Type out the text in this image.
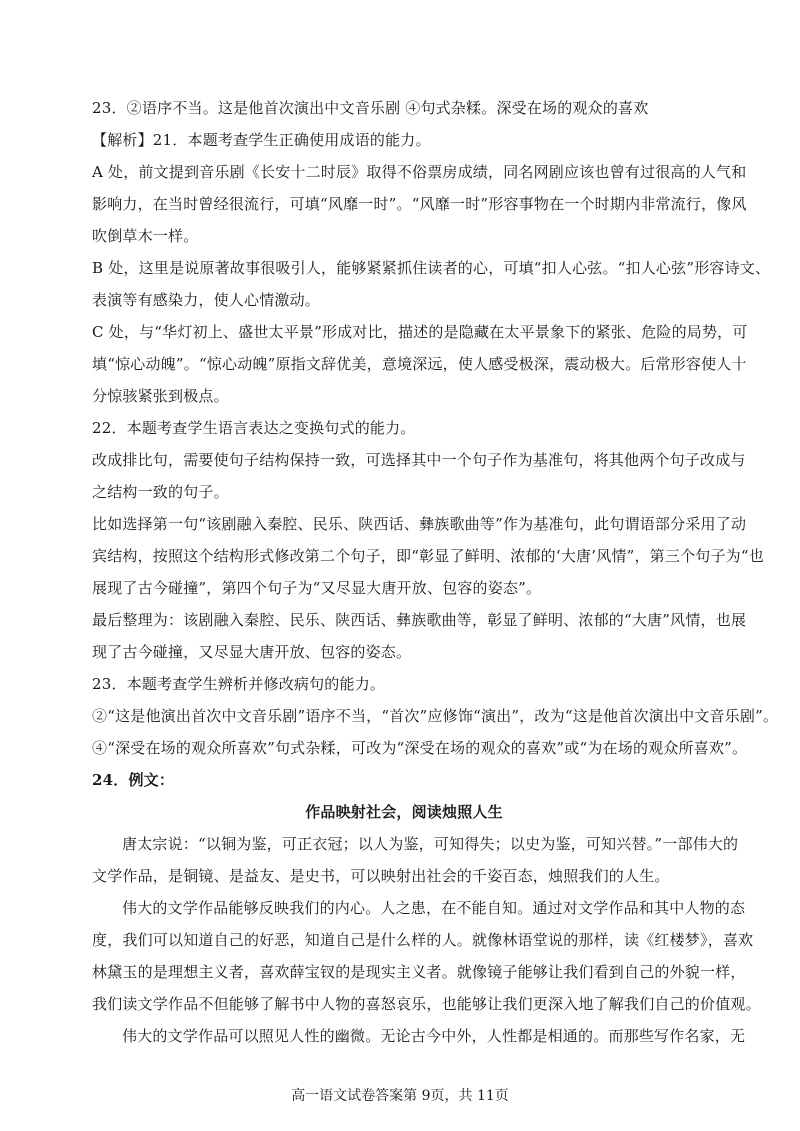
23．②语序不当。这是他首次演出中文音乐剧 ④句式杂糅。深受在场的观众的喜欢
【解析】21．本题考查学生正确使用成语的能力。
A 处，前文提到音乐剧《长安十二时辰》取得不俗票房成绩，同名网剧应该也曾有过很高的人气和
影响力，在当时曾经很流行，可填“风靡一时”。“风靡一时”形容事物在一个时期内非常流行，像风
吹倒草木一样。
B 处，这里是说原著故事很吸引人，能够紧紧抓住读者的心，可填“扣人心弦。“扣人心弦”形容诗文、
表演等有感染力，使人心情激动。
C 处，与“华灯初上、盛世太平景”形成对比，描述的是隐藏在太平景象下的紧张、危险的局势，可
填“惊心动魄”。“惊心动魄”原指文辞优美，意境深远，使人感受极深，震动极大。后常形容使人十
分惊骇紧张到极点。
22．本题考查学生语言表达之变换句式的能力。
改成排比句，需要使句子结构保持一致，可选择其中一个句子作为基准句，将其他两个句子改成与
之结构一致的句子。
比如选择第一句“该剧融入秦腔、民乐、陕西话、彝族歌曲等”作为基准句，此句谓语部分采用了动
宾结构，按照这个结构形式修改第二个句子，即“彰显了鲜明、浓郁的‘大唐’风情”，第三个句子为“也
展现了古今碰撞”，第四个句子为“又尽显大唐开放、包容的姿态”。
最后整理为：该剧融入秦腔、民乐、陕西话、彝族歌曲等，彰显了鲜明、浓郁的“大唐”风情，也展
现了古今碰撞，又尽显大唐开放、包容的姿态。
23．本题考查学生辨析并修改病句的能力。
②“这是他演出首次中文音乐剧”语序不当，“首次”应修饰“演出”，改为“这是他首次演出中文音乐剧”。
④“深受在场的观众所喜欢”句式杂糅，可改为“深受在场的观众的喜欢”或“为在场的观众所喜欢”。
24．例文：
作品映射社会，阅读烛照人生
唐太宗说：“以铜为鉴，可正衣冠；以人为鉴，可知得失；以史为鉴，可知兴替。”一部伟大的
文学作品，是铜镜、是益友、是史书，可以映射出社会的千姿百态，烛照我们的人生。
伟大的文学作品能够反映我们的内心。人之患，在不能自知。通过对文学作品和其中人物的态
度，我们可以知道自己的好恶，知道自己是什么样的人。就像林语堂说的那样，读《红楼梦》，喜欢
林黛玉的是理想主义者，喜欢薛宝钗的是现实主义者。就像镜子能够让我们看到自己的外貌一样，
我们读文学作品不但能够了解书中人物的喜怒哀乐，也能够让我们更深入地了解我们自己的价值观。
伟大的文学作品可以照见人性的幽微。无论古今中外，人性都是相通的。而那些写作名家，无
高一语文试卷答案第 9页，共 11页
